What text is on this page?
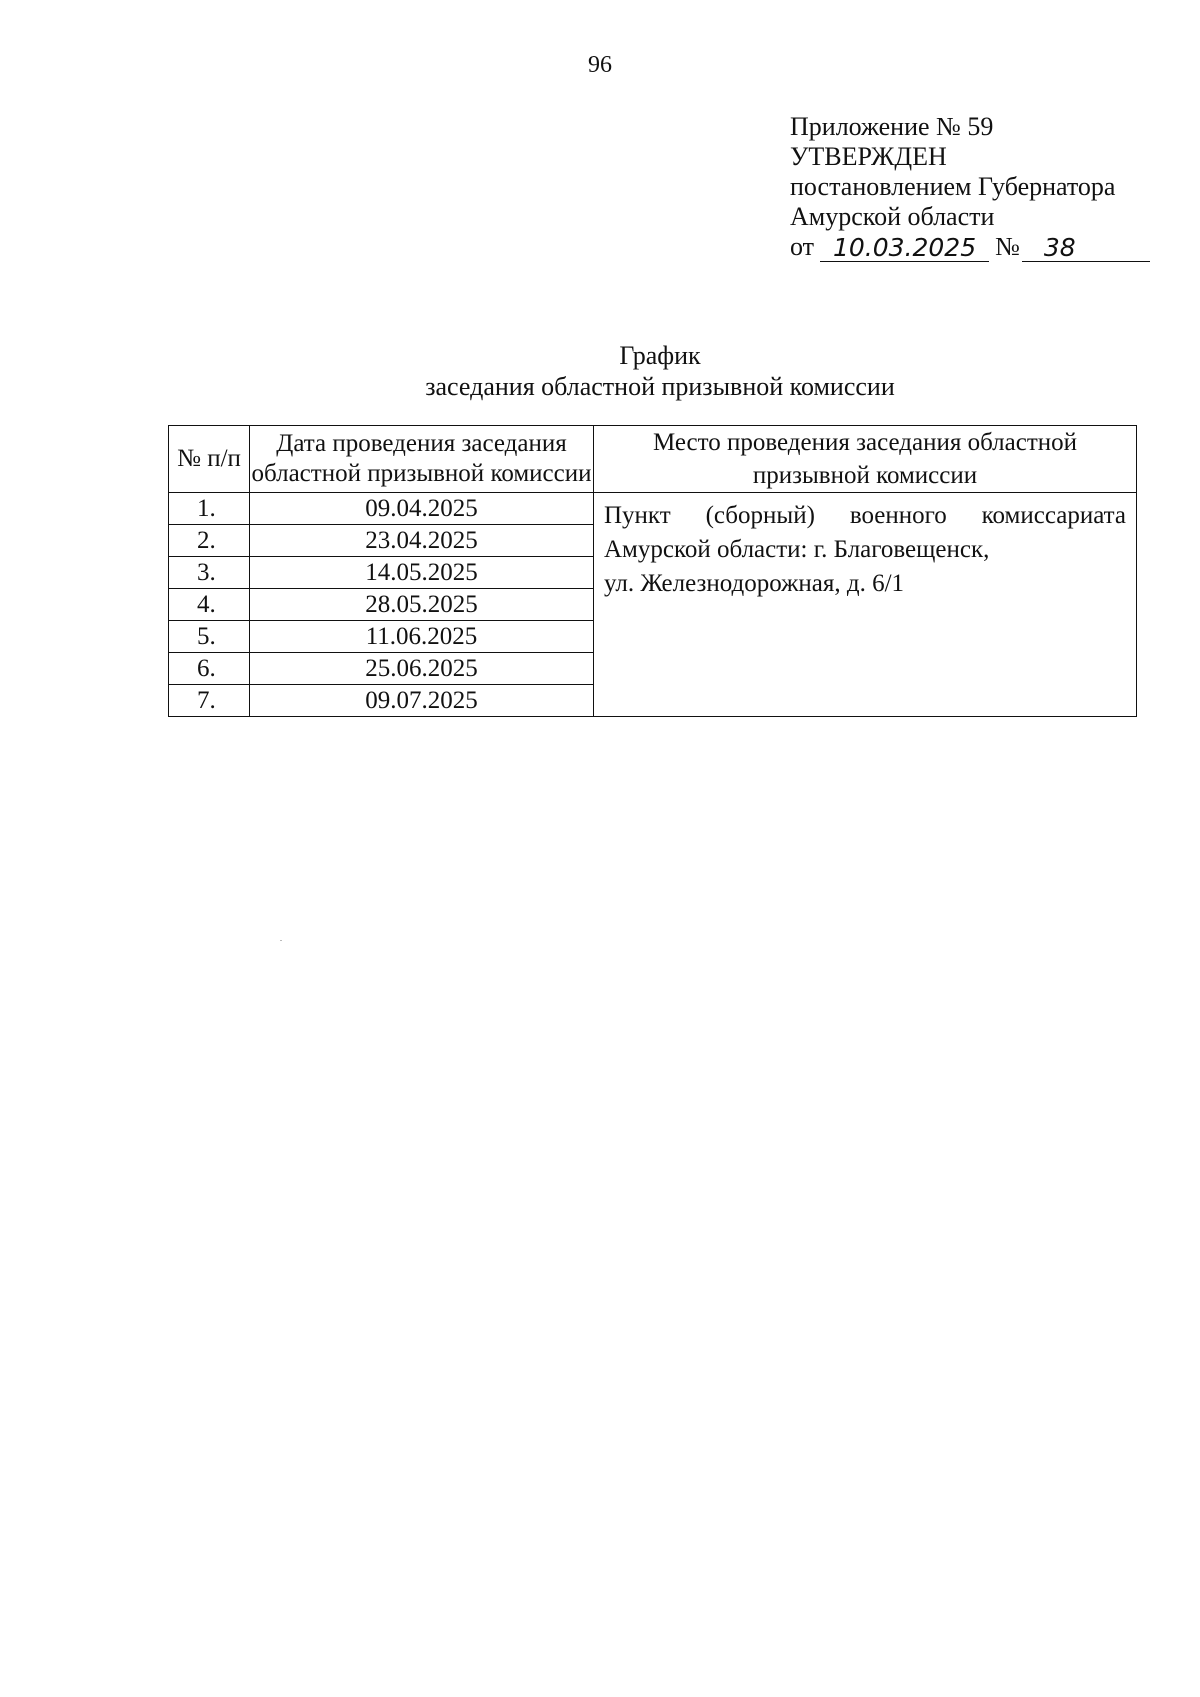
96
Приложение № 59
УТВЕРЖДЕН
постановлением Губернатора
Амурской области
от 10.03.2025 № 38
График
заседания областной призывной комиссии
№ п/п	Дата проведения заседания областной призывной комиссии	Место проведения заседания областной призывной комиссии
1.	09.04.2025	Пункт (сборный) военного комиссариата
Амурской области: г. Благовещенск,
ул. Железнодорожная, д. 6/1

2.	23.04.2025	
3.	14.05.2025	
4.	28.05.2025	
5.	11.06.2025	
6.	25.06.2025	
7.	09.07.2025	
